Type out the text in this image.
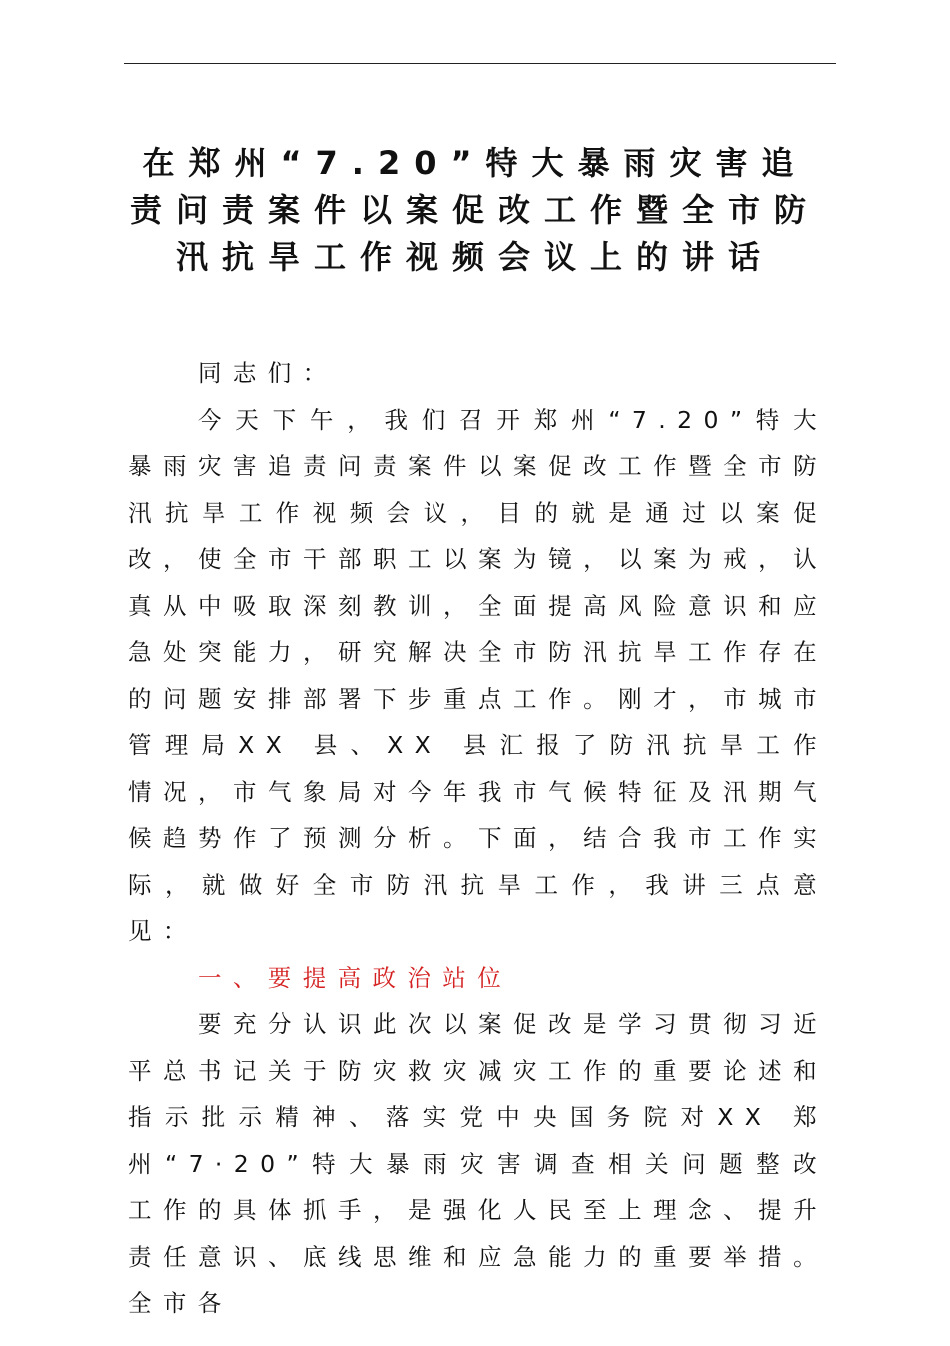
在郑州“7.20”特大暴雨灾害追责问责案件以案促改工作暨全市防汛抗旱工作视频会议上的讲话

同志们：

今天下午，我们召开郑州“7.20”特大暴雨灾害追责问责案件以案促改工作暨全市防汛抗旱工作视频会议，目的就是通过以案促改，使全市干部职工以案为镜，以案为戒，认真从中吸取深刻教训，全面提高风险意识和应急处突能力，研究解决全市防汛抗旱工作存在的问题安排部署下步重点工作。刚才，市城市管理局XX 县、XX 县汇报了防汛抗旱工作情况，市气象局对今年我市气候特征及汛期气候趋势作了预测分析。下面，结合我市工作实际，就做好全市防汛抗旱工作，我讲三点意见：

一、要提高政治站位

要充分认识此次以案促改是学习贯彻习近平总书记关于防灾救灾减灾工作的重要论述和指示批示精神、落实党中央国务院对XX 郑州“7·20”特大暴雨灾害调查相关问题整改工作的具体抓手，是强化人民至上理念、提升责任意识、底线思维和应急能力的重要举措。全市各
